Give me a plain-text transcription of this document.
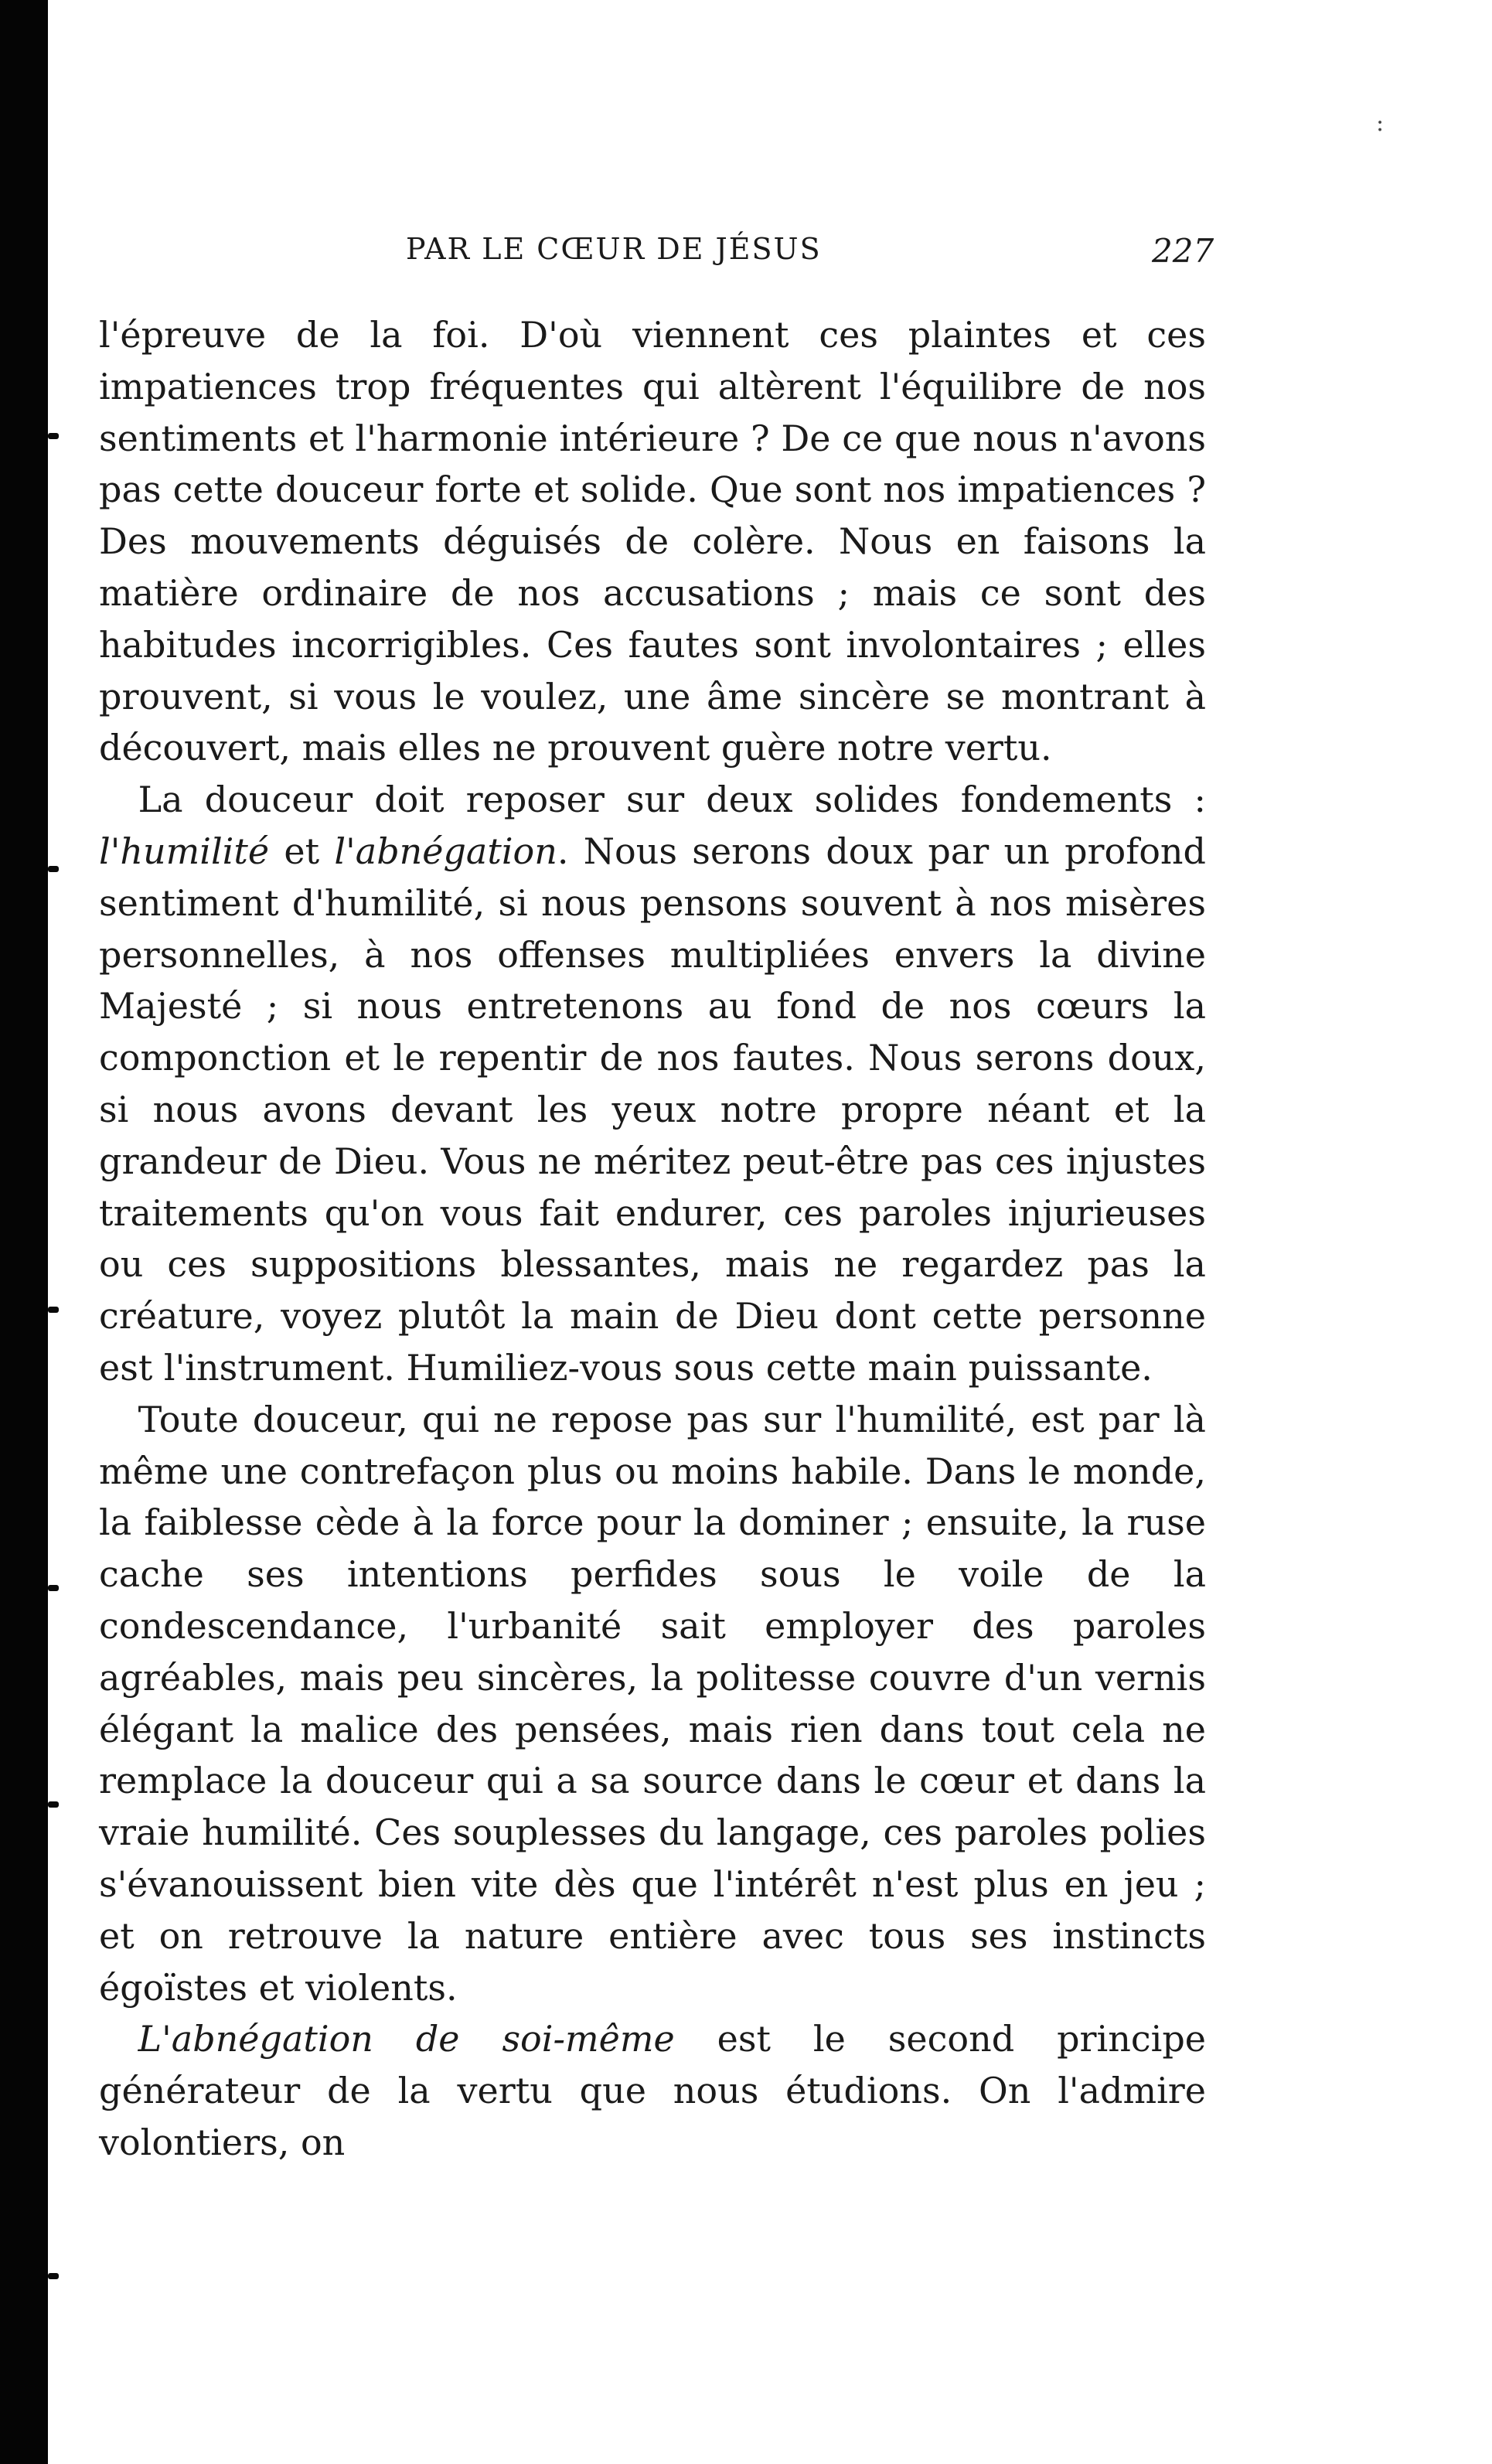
:
PAR LE CŒUR DE JÉSUS	227

l'épreuve de la foi. D'où viennent ces plaintes et ces impatiences trop fréquentes qui altèrent l'équilibre de nos sentiments et l'harmonie intérieure ? De ce que nous n'avons pas cette douceur forte et solide. Que sont nos impatiences ? Des mouvements déguisés de colère. Nous en faisons la matière ordinaire de nos accusations ; mais ce sont des habitudes incorrigibles. Ces fautes sont involontaires ; elles prouvent, si vous le voulez, une âme sincère se montrant à découvert, mais elles ne prouvent guère notre vertu.

La douceur doit reposer sur deux solides fondements : l'humilité et l'abnégation. Nous serons doux par un profond sentiment d'humilité, si nous pensons souvent à nos misères personnelles, à nos offenses multipliées envers la divine Majesté ; si nous entretenons au fond de nos cœurs la componction et le repentir de nos fautes. Nous serons doux, si nous avons devant les yeux notre propre néant et la grandeur de Dieu. Vous ne méritez peut-être pas ces injustes traitements qu'on vous fait endurer, ces paroles injurieuses ou ces suppositions blessantes, mais ne regardez pas la créature, voyez plutôt la main de Dieu dont cette personne est l'instrument. Humiliez-vous sous cette main puissante.

Toute douceur, qui ne repose pas sur l'humilité, est par là même une contrefaçon plus ou moins habile. Dans le monde, la faiblesse cède à la force pour la dominer ; ensuite, la ruse cache ses intentions perfides sous le voile de la condescendance, l'urbanité sait employer des paroles agréables, mais peu sincères, la politesse couvre d'un vernis élégant la malice des pensées, mais rien dans tout cela ne remplace la douceur qui a sa source dans le cœur et dans la vraie humilité. Ces souplesses du langage, ces paroles polies s'évanouissent bien vite dès que l'intérêt n'est plus en jeu ; et on retrouve la nature entière avec tous ses instincts égoïstes et violents.

L'abnégation de soi-même est le second principe générateur de la vertu que nous étudions. On l'admire volontiers, on
